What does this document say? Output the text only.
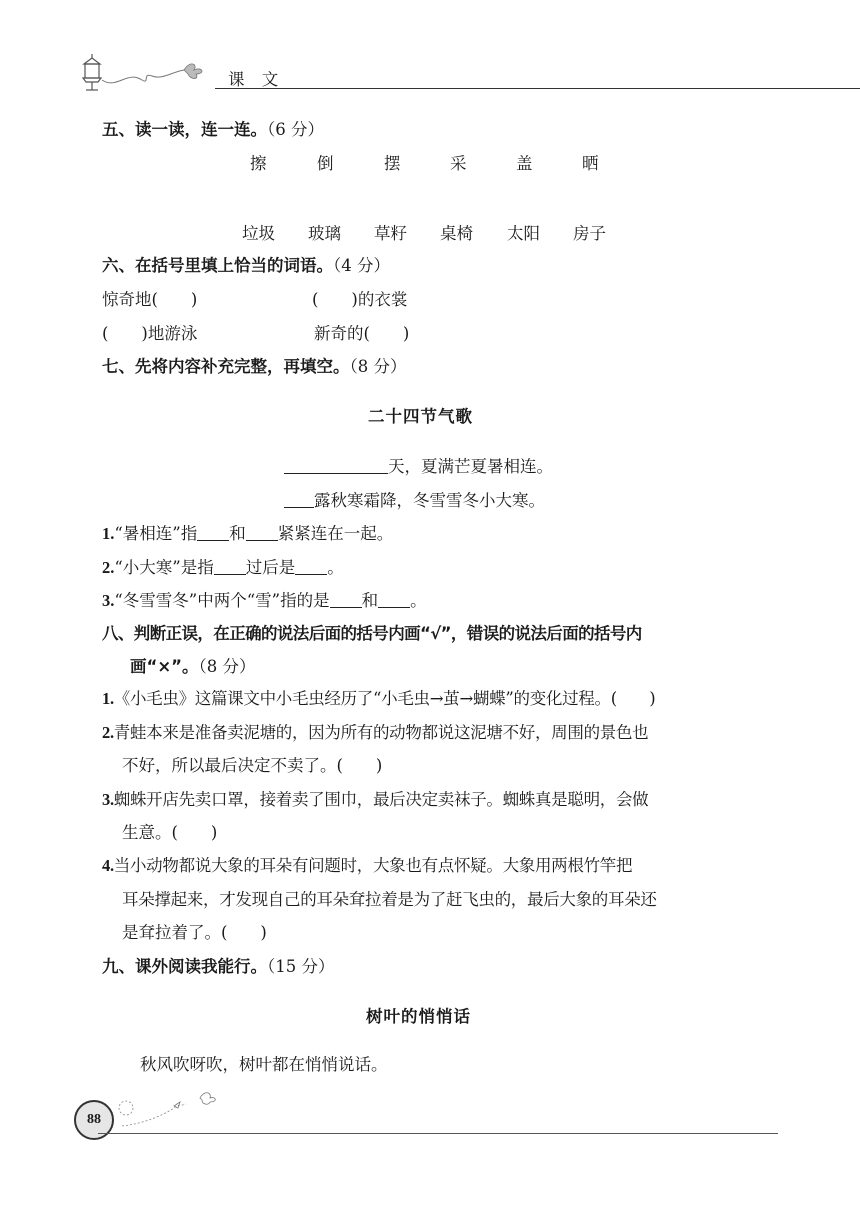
课 文
五、读一读，连一连。（6 分）
擦	倒	摆	采	盖	晒
垃圾 玻璃 草籽 桌椅 太阳 房子
六、在括号里填上恰当的词语。（4 分）
惊奇地(　　)	(　　)的衣裳
(　　)地游泳	新奇的(　　)
七、先将内容补充完整，再填空。（8 分）
二十四节气歌
天，夏满芒夏暑相连。
露秋寒霜降，冬雪雪冬小大寒。
1.“暑相连”指 和 紧紧连在一起。
2.“小大寒”是指 过后是 。
3.“冬雪雪冬”中两个“雪”指的是 和 。
八、判断正误，在正确的说法后面的括号内画“√”，错误的说法后面的括号内
画“×”。（8 分）
1.《小毛虫》这篇课文中小毛虫经历了“小毛虫→茧→蝴蝶”的变化过程。(　　)
2.青蛙本来是准备卖泥塘的，因为所有的动物都说这泥塘不好，周围的景色也
不好，所以最后决定不卖了。(　　)
3.蜘蛛开店先卖口罩，接着卖了围巾，最后决定卖袜子。蜘蛛真是聪明，会做
生意。(　　)
4.当小动物都说大象的耳朵有问题时，大象也有点怀疑。大象用两根竹竿把
耳朵撑起来，才发现自己的耳朵耷拉着是为了赶飞虫的，最后大象的耳朵还
是耷拉着了。(　　)
九、课外阅读我能行。（15 分）
树叶的悄悄话
秋风吹呀吹，树叶都在悄悄说话。
88
